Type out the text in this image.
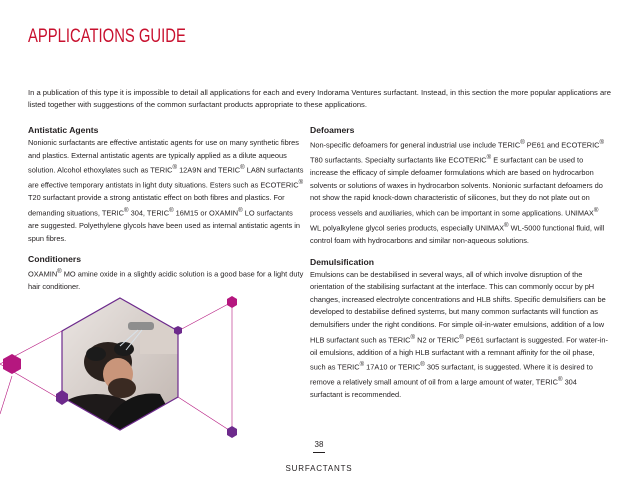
APPLICATIONS GUIDE

In a publication of this type it is impossible to detail all applications for each and every Indorama Ventures surfactant. Instead, in this section the more popular applications are listed together with suggestions of the common surfactant products appropriate to these applications.

Antistatic Agents

Nonionic surfactants are effective antistatic agents for use on many synthetic fibres and plastics. External antistatic agents are typically applied as a dilute aqueous solution. Alcohol ethoxylates such as TERIC® 12A9N and TERIC® LA8N surfactants are effective temporary antistats in light duty situations. Esters such as ECOTERIC® T20 surfactant provide a strong antistatic effect on both fibres and plastics. For demanding situations, TERIC® 304, TERIC® 16M15 or OXAMIN® LO surfactants are suggested. Polyethylene glycols have been used as internal antistatic agents in spun fibres.

Conditioners

OXAMIN® MO amine oxide in a slightly acidic solution is a good base for a light duty hair conditioner.

Defoamers

Non-specific defoamers for general industrial use include TERIC® PE61 and ECOTERIC® T80 surfactants. Specialty surfactants like ECOTERIC® E surfactant can be used to increase the efficacy of simple defoamer formulations which are based on hydrocarbon solvents or solutions of waxes in hydrocarbon solvents. Nonionic surfactant defoamers do not show the rapid knock-down characteristic of silicones, but they do not plate out on process vessels and auxiliaries, which can be important in some applications. UNIMAX® WL polyalkylene glycol series products, especially UNIMAX® WL-5000 functional fluid, will control foam with hydrocarbons and similar non-aqueous solutions.

Demulsification

Emulsions can be destabilised in several ways, all of which involve disruption of the orientation of the stabilising surfactant at the interface. This can commonly occur by pH changes, increased electrolyte concentrations and HLB shifts. Specific demulsifiers can be developed to destabilise defined systems, but many common surfactants will function as demulsifiers under the right conditions. For simple oil-in-water emulsions, addition of a low HLB surfactant such as TERIC® N2 or TERIC® PE61 surfactant is suggested. For water-in-oil emulsions, addition of a high HLB surfactant with a remnant affinity for the oil phase, such as TERIC® 17A10 or TERIC® 305 surfactant, is suggested. Where it is desired to remove a relatively small amount of oil from a large amount of water, TERIC® 304 surfactant is recommended.

38
SURFACTANTS
